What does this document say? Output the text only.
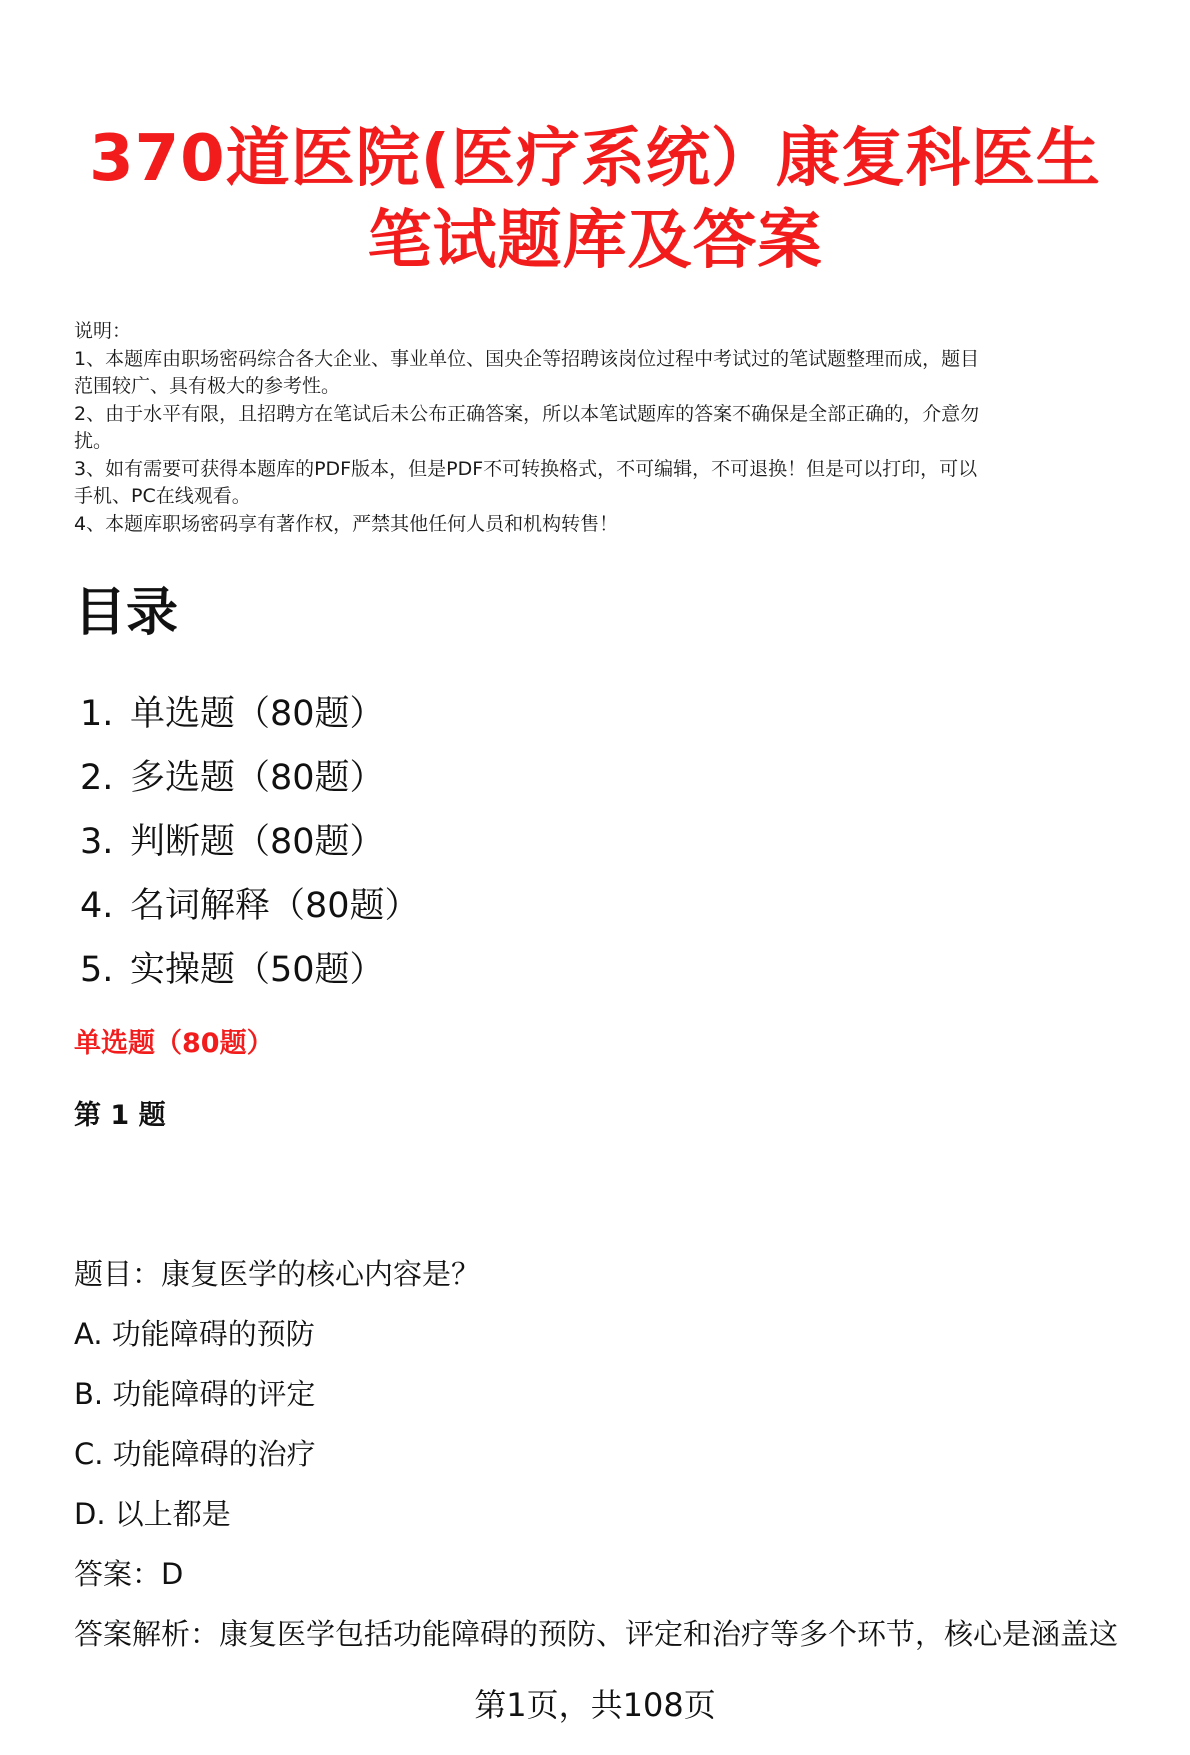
370道医院(医疗系统）康复科医生
笔试题库及答案
说明：
1、本题库由职场密码综合各大企业、事业单位、国央企等招聘该岗位过程中考试过的笔试题整理而成，题目
范围较广、具有极大的参考性。
2、由于水平有限，且招聘方在笔试后未公布正确答案，所以本笔试题库的答案不确保是全部正确的，介意勿
扰。
3、如有需要可获得本题库的PDF版本，但是PDF不可转换格式，不可编辑，不可退换！但是可以打印，可以
手机、PC在线观看。
4、本题库职场密码享有著作权，严禁其他任何人员和机构转售！
目录
1. 单选题（80题）
2. 多选题（80题）
3. 判断题（80题）
4. 名词解释（80题）
5. 实操题（50题）
单选题（80题）
第 1 题
题目：康复医学的核心内容是？
A. 功能障碍的预防
B. 功能障碍的评定
C. 功能障碍的治疗
D. 以上都是
答案：D
答案解析：康复医学包括功能障碍的预防、评定和治疗等多个环节，核心是涵盖这
第1页，共108页
